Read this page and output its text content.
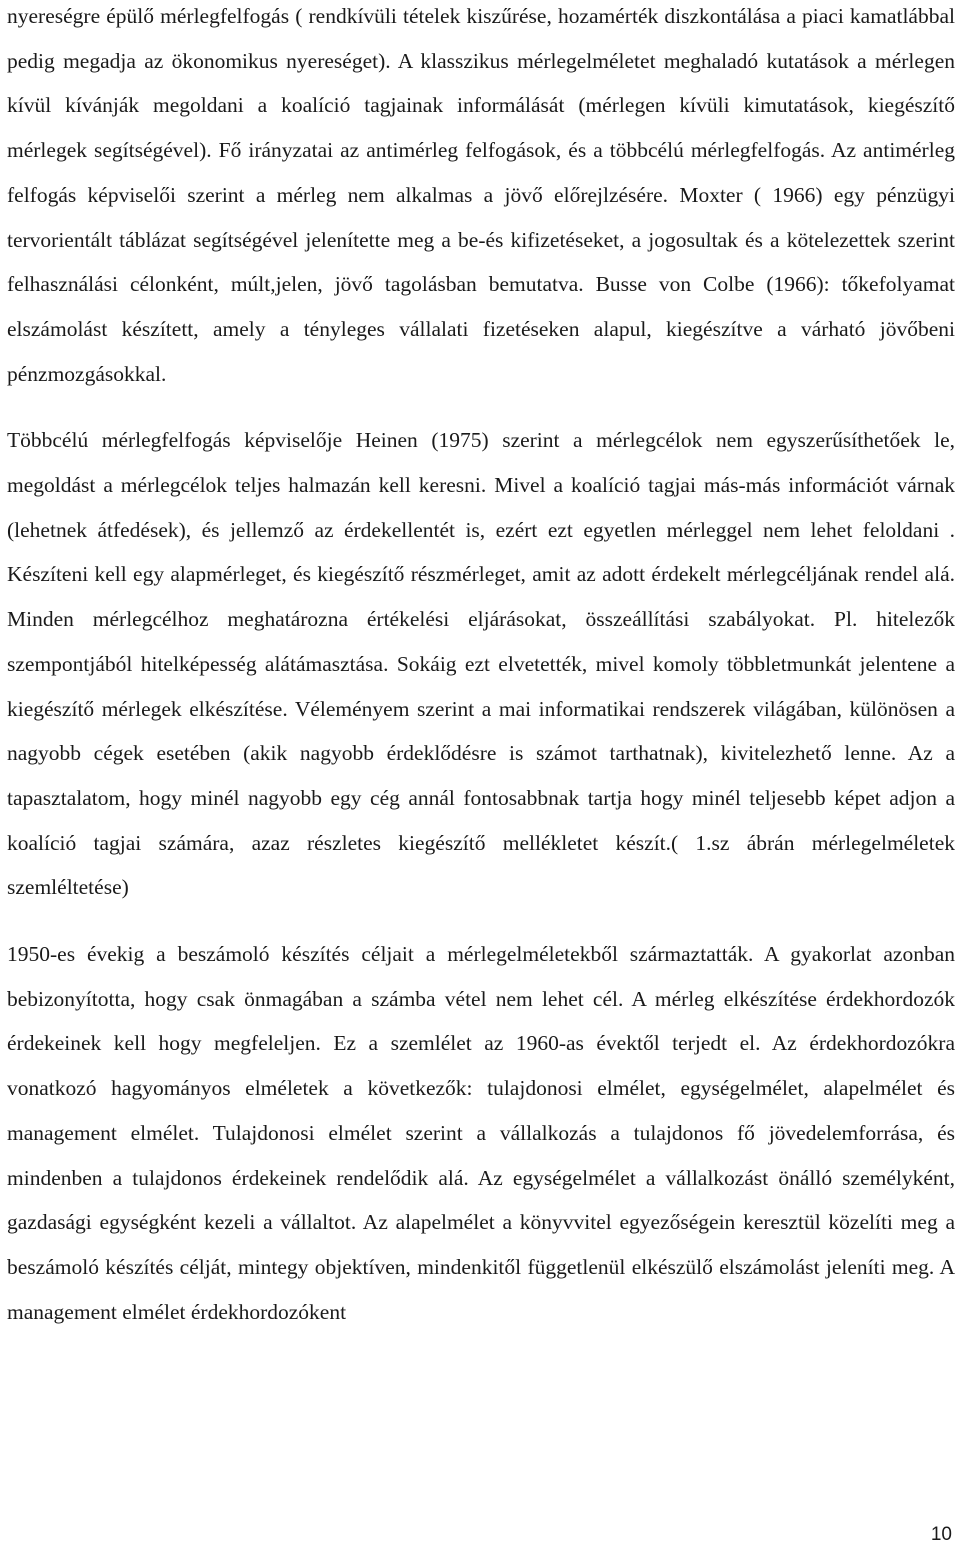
nyereségre épülő mérlegfelfogás ( rendkívüli tételek kiszűrése, hozamérték diszkontálása a piaci kamatlábbal pedig megadja az ökonomikus nyereséget). A klasszikus mérlegelméletet meghaladó kutatások a mérlegen kívül kívánják megoldani a koalíció tagjainak informálását (mérlegen kívüli kimutatások, kiegészítő mérlegek segítségével). Fő irányzatai az antimérleg felfogások, és a többcélú mérlegfelfogás. Az antimérleg felfogás képviselői szerint a mérleg nem alkalmas a jövő előrejlzésére. Moxter ( 1966) egy pénzügyi tervorientált táblázat segítségével jelenítette meg a be-és kifizetéseket, a jogosultak és a kötelezettek szerint felhasználási célonként, múlt,jelen, jövő tagolásban bemutatva. Busse von Colbe (1966): tőkefolyamat elszámolást készített, amely a tényleges vállalati fizetéseken alapul, kiegészítve a várható jövőbeni pénzmozgásokkal.

Többcélú mérlegfelfogás képviselője Heinen (1975) szerint a mérlegcélok nem egyszerűsíthetőek le, megoldást a mérlegcélok teljes halmazán kell keresni. Mivel a koalíció tagjai más-más információt várnak (lehetnek átfedések), és jellemző az érdekellentét is, ezért ezt egyetlen mérleggel nem lehet feloldani . Készíteni kell egy alapmérleget, és kiegészítő részmérleget, amit az adott érdekelt mérlegcéljának rendel alá. Minden mérlegcélhoz meghatározna értékelési eljárásokat, összeállítási szabályokat. Pl. hitelezők szempontjából hitelképesség alátámasztása. Sokáig ezt elvetették, mivel komoly többletmunkát jelentene a kiegészítő mérlegek elkészítése. Véleményem szerint a mai informatikai rendszerek világában, különösen a nagyobb cégek esetében (akik nagyobb érdeklődésre is számot tarthatnak), kivitelezhető lenne. Az a tapasztalatom, hogy minél nagyobb egy cég annál fontosabbnak tartja hogy minél teljesebb képet adjon a koalíció tagjai számára, azaz részletes kiegészítő mellékletet készít.( 1.sz ábrán mérlegelméletek szemléltetése)

1950-es évekig a beszámoló készítés céljait a mérlegelméletekből származtatták. A gyakorlat azonban bebizonyította, hogy csak önmagában a számba vétel nem lehet cél. A mérleg elkészítése érdekhordozók érdekeinek kell hogy megfeleljen. Ez a szemlélet az 1960-as évektől terjedt el. Az érdekhordozókra vonatkozó hagyományos elméletek a következők: tulajdonosi elmélet, egységelmélet, alapelmélet és management elmélet. Tulajdonosi elmélet szerint a vállalkozás a tulajdonos fő jövedelemforrása, és mindenben a tulajdonos érdekeinek rendelődik alá. Az egységelmélet a vállalkozást önálló személyként, gazdasági egységként kezeli a vállaltot. Az alapelmélet a könyvvitel egyezőségein keresztül közelíti meg a beszámoló készítés célját, mintegy objektíven, mindenkitől függetlenül elkészülő elszámolást jeleníti meg. A management elmélet érdekhordozókent

10
